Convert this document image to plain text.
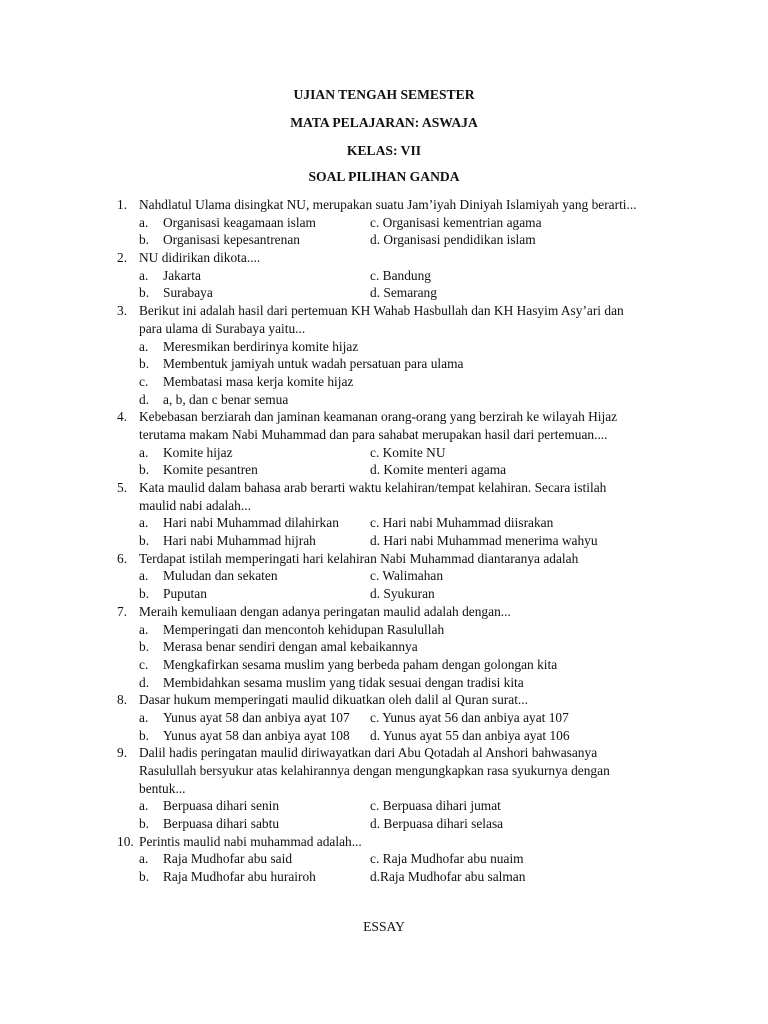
UJIAN TENGAH SEMESTER
MATA PELAJARAN: ASWAJA
KELAS: VII
SOAL PILIHAN GANDA
1. Nahdlatul Ulama disingkat NU, merupakan suatu Jam’iyah Diniyah Islamiyah yang berarti...
a. Organisasi keagamaan islam	c. Organisasi kementrian agama
b. Organisasi kepesantrenan	d. Organisasi pendidikan islam
2. NU didirikan dikota....
a. Jakarta	c. Bandung
b. Surabaya	d. Semarang
3. Berikut ini adalah hasil dari pertemuan KH Wahab Hasbullah dan KH Hasyim Asy’ari dan
para ulama di Surabaya yaitu...
a. Meresmikan berdirinya komite hijaz
b. Membentuk jamiyah untuk wadah persatuan para ulama
c. Membatasi masa kerja komite hijaz
d. a, b, dan c benar semua
4. Kebebasan berziarah dan jaminan keamanan orang-orang yang berzirah ke wilayah Hijaz
terutama makam Nabi Muhammad dan para sahabat merupakan hasil dari pertemuan....
a. Komite hijaz	c. Komite NU
b. Komite pesantren	d. Komite menteri agama
5. Kata maulid dalam bahasa arab berarti waktu kelahiran/tempat kelahiran. Secara istilah
maulid nabi adalah...
a. Hari nabi Muhammad dilahirkan c. Hari nabi Muhammad diisrakan
b. Hari nabi Muhammad hijrah	d. Hari nabi Muhammad menerima wahyu
6. Terdapat istilah memperingati hari kelahiran Nabi Muhammad diantaranya adalah
a. Muludan dan sekaten	c. Walimahan
b. Puputan	d. Syukuran
7. Meraih kemuliaan dengan adanya peringatan maulid adalah dengan...
a. Memperingati dan mencontoh kehidupan Rasulullah
b. Merasa benar sendiri dengan amal kebaikannya
c. Mengkafirkan sesama muslim yang berbeda paham dengan golongan kita
d. Membidahkan sesama muslim yang tidak sesuai dengan tradisi kita
8. Dasar hukum memperingati maulid dikuatkan oleh dalil al Quran surat...
a. Yunus ayat 58 dan anbiya ayat 107 c. Yunus ayat 56 dan anbiya ayat 107
b. Yunus ayat 58 dan anbiya ayat 108 d. Yunus ayat 55 dan anbiya ayat 106
9. Dalil hadis peringatan maulid diriwayatkan dari Abu Qotadah al Anshori bahwasanya
Rasulullah bersyukur atas kelahirannya dengan mengungkapkan rasa syukurnya dengan
bentuk...
a. Berpuasa dihari senin	c. Berpuasa dihari jumat
b. Berpuasa dihari sabtu	d. Berpuasa dihari selasa
10. Perintis maulid nabi muhammad adalah...
a. Raja Mudhofar abu said	c. Raja Mudhofar abu nuaim
b. Raja Mudhofar abu hurairoh	d.Raja Mudhofar abu salman
ESSAY
